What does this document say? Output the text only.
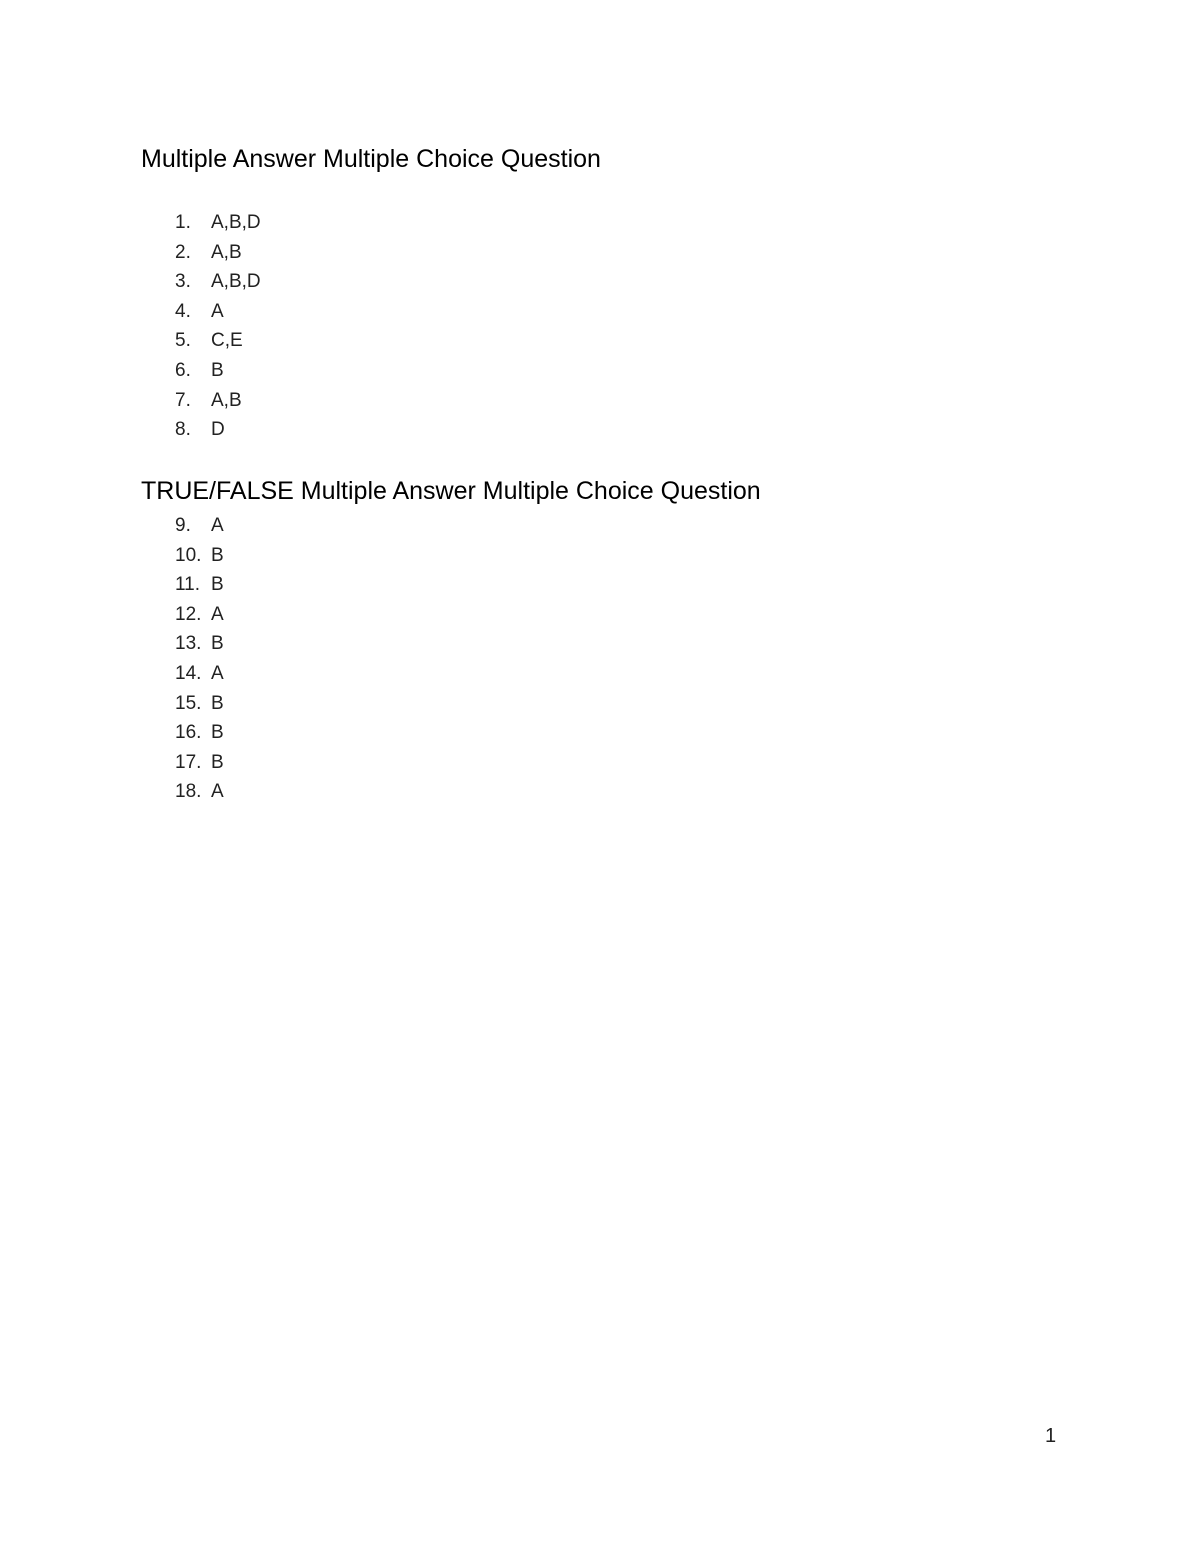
Multiple Answer Multiple Choice Question
1. A,B,D
2. A,B
3. A,B,D
4. A
5. C,E
6. B
7. A,B
8. D
TRUE/FALSE Multiple Answer Multiple Choice Question
9. A
10. B
11. B
12. A
13. B
14. A
15. B
16. B
17. B
18. A
1
